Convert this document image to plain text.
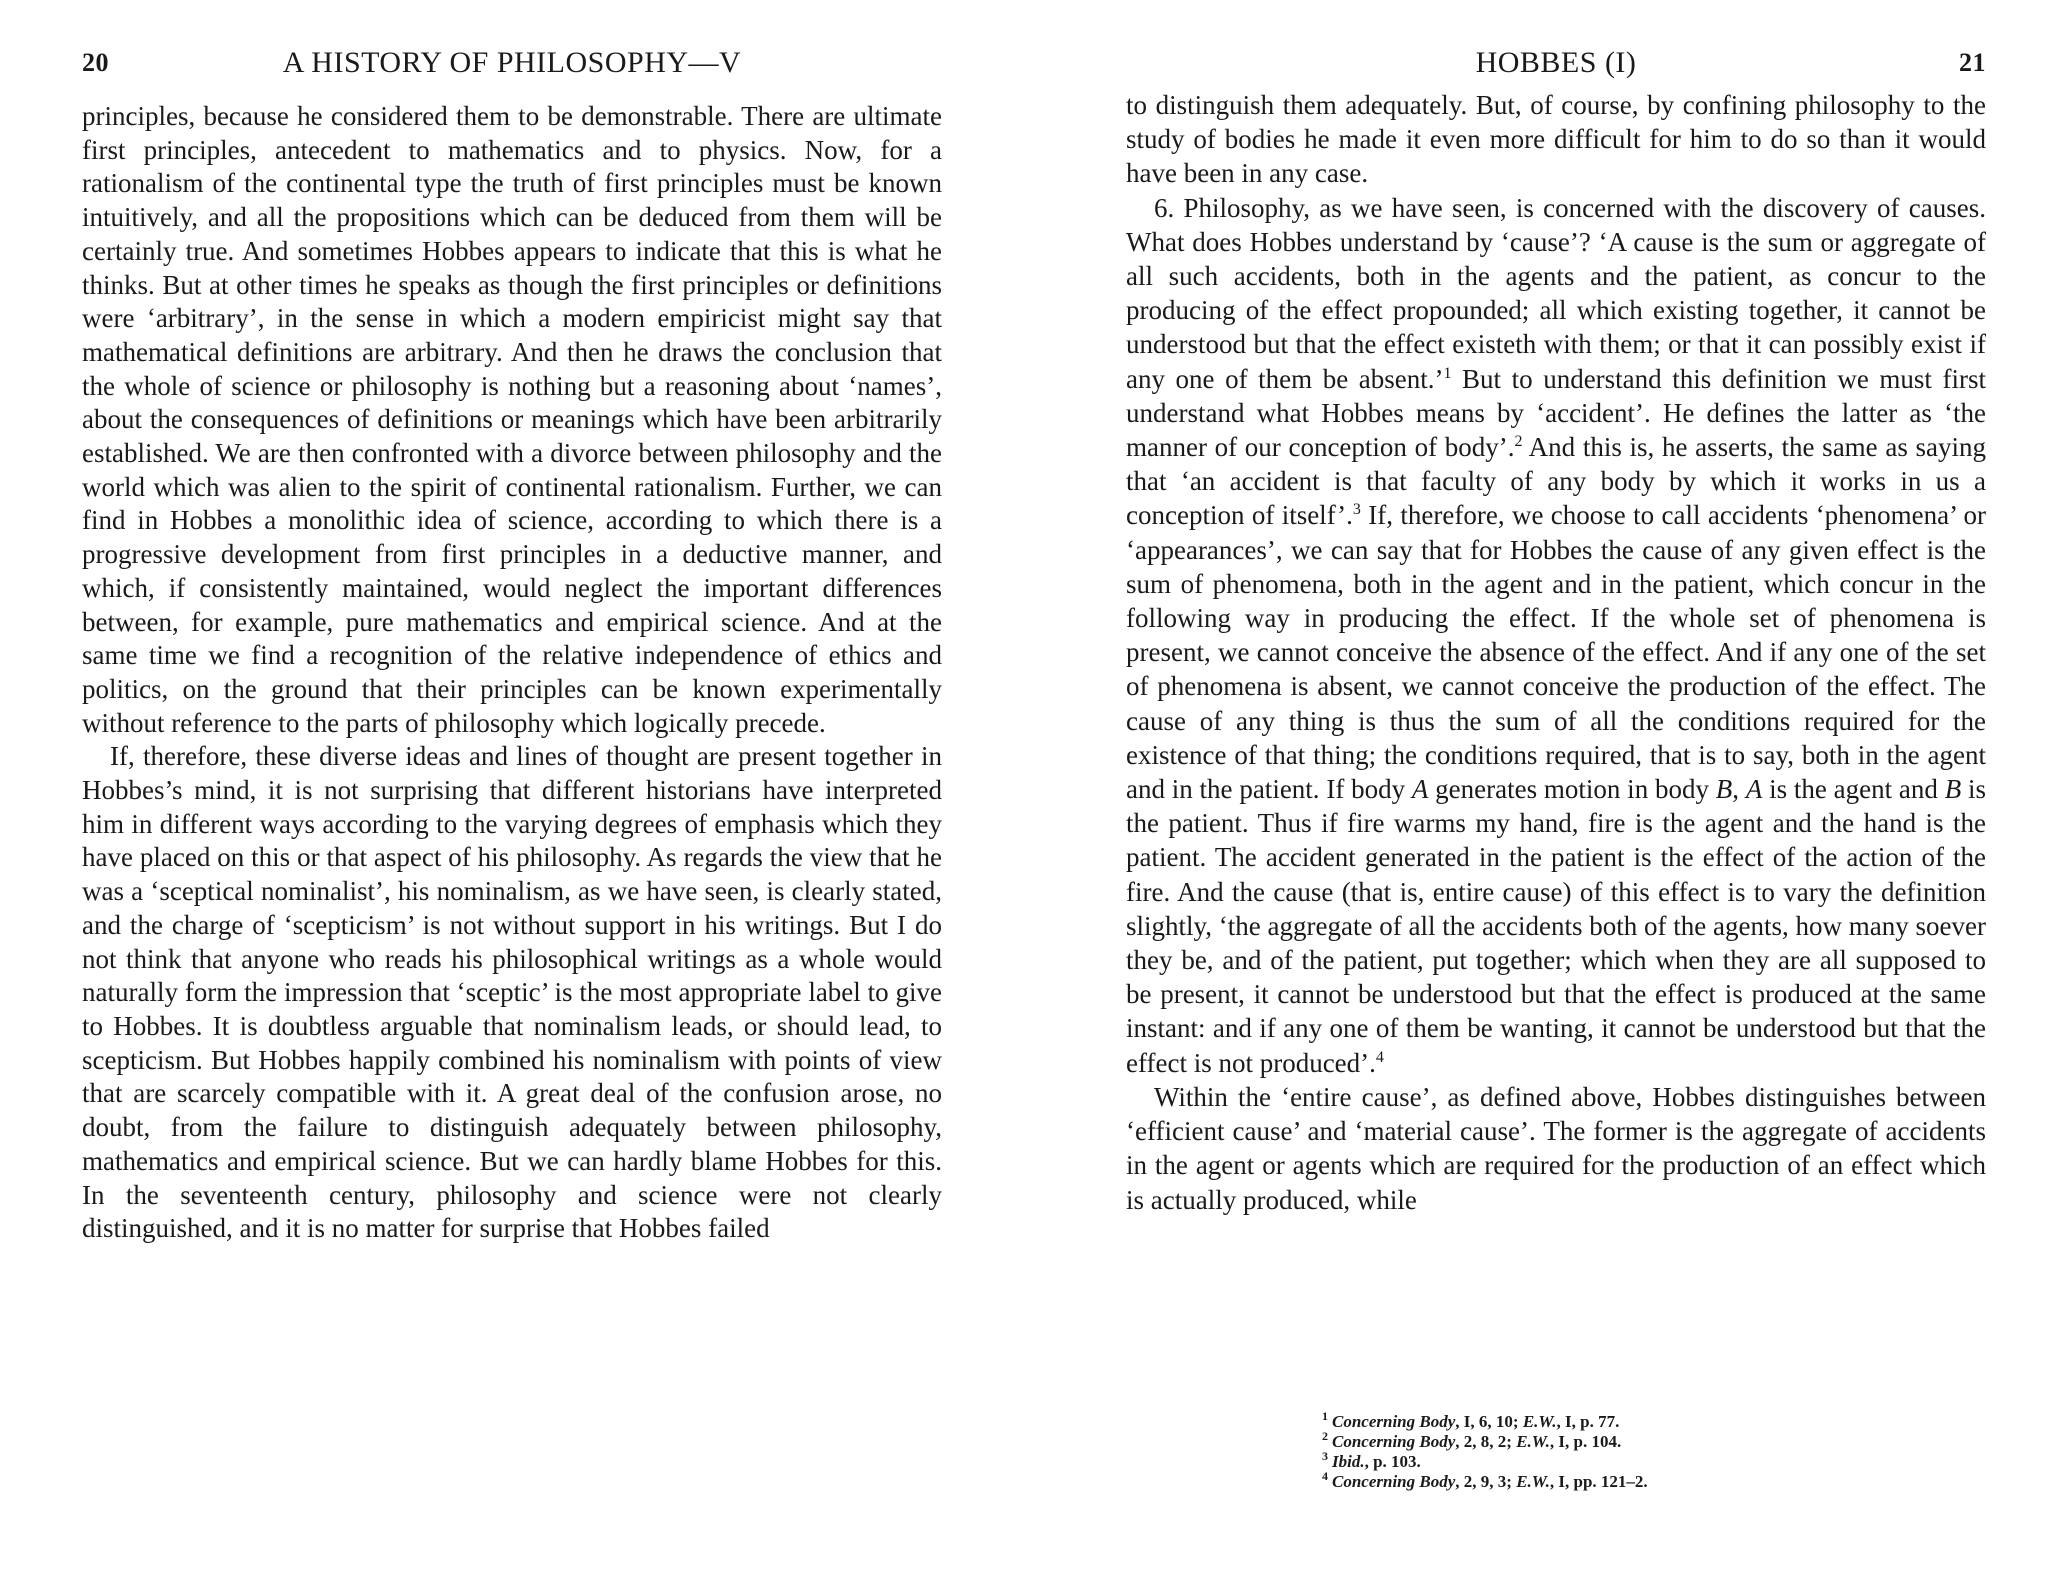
20	A HISTORY OF PHILOSOPHY—V

principles, because he considered them to be demonstrable. There are ultimate first principles, antecedent to mathematics and to physics. Now, for a rationalism of the continental type the truth of first principles must be known intuitively, and all the propositions which can be deduced from them will be certainly true. And sometimes Hobbes appears to indicate that this is what he thinks. But at other times he speaks as though the first principles or definitions were ‘arbitrary’, in the sense in which a modern empiricist might say that mathematical definitions are arbitrary. And then he draws the conclusion that the whole of science or philosophy is nothing but a reasoning about ‘names’, about the consequences of definitions or meanings which have been arbitrarily established. We are then confronted with a divorce between philosophy and the world which was alien to the spirit of continental rationalism. Further, we can find in Hobbes a monolithic idea of science, according to which there is a progressive development from first principles in a deductive manner, and which, if consistently maintained, would neglect the important differences between, for example, pure mathematics and empirical science. And at the same time we find a recognition of the relative independence of ethics and politics, on the ground that their principles can be known experimentally without reference to the parts of philosophy which logically precede.

If, therefore, these diverse ideas and lines of thought are present together in Hobbes’s mind, it is not surprising that different historians have interpreted him in different ways according to the varying degrees of emphasis which they have placed on this or that aspect of his philosophy. As regards the view that he was a ‘sceptical nominalist’, his nominalism, as we have seen, is clearly stated, and the charge of ‘scepticism’ is not without support in his writings. But I do not think that anyone who reads his philosophical writings as a whole would naturally form the impression that ‘sceptic’ is the most appropriate label to give to Hobbes. It is doubtless arguable that nominalism leads, or should lead, to scepticism. But Hobbes happily combined his nominalism with points of view that are scarcely compatible with it. A great deal of the confusion arose, no doubt, from the failure to distinguish adequately between philosophy, mathematics and empirical science. But we can hardly blame Hobbes for this. In the seventeenth century, philosophy and science were not clearly distinguished, and it is no matter for surprise that Hobbes failed

HOBBES (I)	21

to distinguish them adequately. But, of course, by confining philosophy to the study of bodies he made it even more difficult for him to do so than it would have been in any case.

6. Philosophy, as we have seen, is concerned with the discovery of causes. What does Hobbes understand by ‘cause’? ‘A cause is the sum or aggregate of all such accidents, both in the agents and the patient, as concur to the producing of the effect propounded; all which existing together, it cannot be understood but that the effect existeth with them; or that it can possibly exist if any one of them be absent.’$^1$ But to understand this definition we must first understand what Hobbes means by ‘accident’. He defines the latter as ‘the manner of our conception of body’.$^2$ And this is, he asserts, the same as saying that ‘an accident is that faculty of any body by which it works in us a conception of itself’.$^3$ If, therefore, we choose to call accidents ‘phenomena’ or ‘appearances’, we can say that for Hobbes the cause of any given effect is the sum of phenomena, both in the agent and in the patient, which concur in the following way in producing the effect. If the whole set of phenomena is present, we cannot conceive the absence of the effect. And if any one of the set of phenomena is absent, we cannot conceive the production of the effect. The cause of any thing is thus the sum of all the conditions required for the existence of that thing; the conditions required, that is to say, both in the agent and in the patient. If body A generates motion in body B, A is the agent and B is the patient. Thus if fire warms my hand, fire is the agent and the hand is the patient. The accident generated in the patient is the effect of the action of the fire. And the cause (that is, entire cause) of this effect is to vary the definition slightly, ‘the aggregate of all the accidents both of the agents, how many soever they be, and of the patient, put together; which when they are all supposed to be present, it cannot be understood but that the effect is produced at the same instant: and if any one of them be wanting, it cannot be understood but that the effect is not produced’.$^4$

Within the ‘entire cause’, as defined above, Hobbes distinguishes between ‘efficient cause’ and ‘material cause’. The former is the aggregate of accidents in the agent or agents which are required for the production of an effect which is actually produced, while

$^1$ Concerning Body, I, 6, 10; E.W., I, p. 77.
$^2$ Concerning Body, 2, 8, 2; E.W., I, p. 104.
$^3$ Ibid., p. 103.
$^4$ Concerning Body, 2, 9, 3; E.W., I, pp. 121–2.
